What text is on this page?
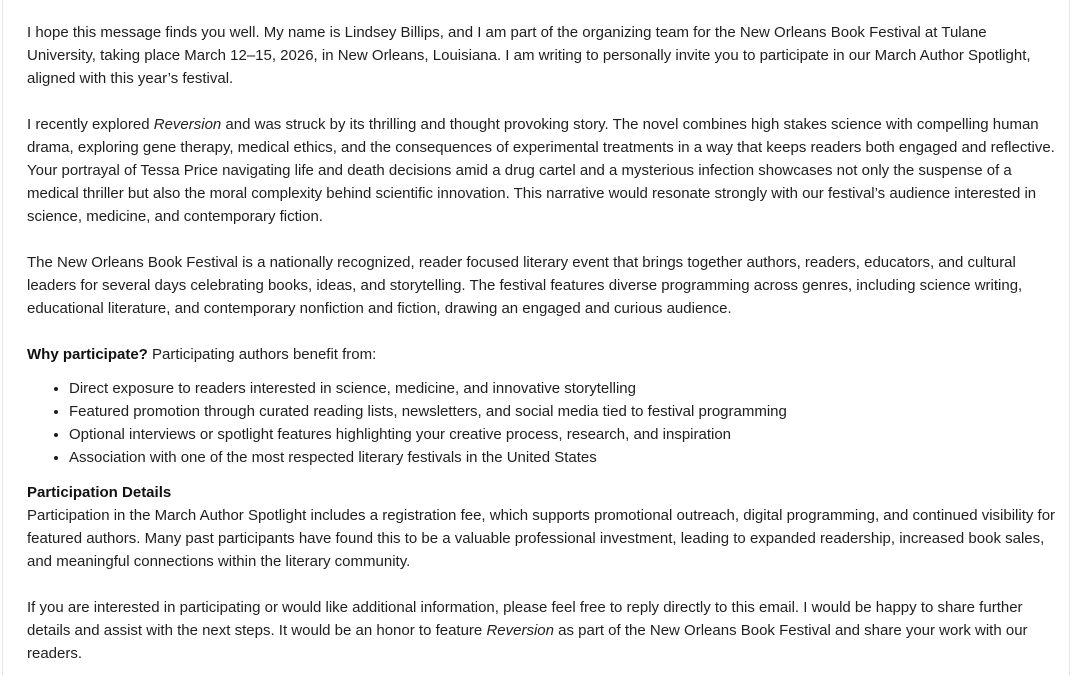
I hope this message finds you well. My name is Lindsey Billips, and I am part of the organizing team for the New Orleans Book Festival at Tulane University, taking place March 12–15, 2026, in New Orleans, Louisiana. I am writing to personally invite you to participate in our March Author Spotlight, aligned with this year’s festival.

I recently explored Reversion and was struck by its thrilling and thought provoking story. The novel combines high stakes science with compelling human drama, exploring gene therapy, medical ethics, and the consequences of experimental treatments in a way that keeps readers both engaged and reflective. Your portrayal of Tessa Price navigating life and death decisions amid a drug cartel and a mysterious infection showcases not only the suspense of a medical thriller but also the moral complexity behind scientific innovation. This narrative would resonate strongly with our festival’s audience interested in science, medicine, and contemporary fiction.

The New Orleans Book Festival is a nationally recognized, reader focused literary event that brings together authors, readers, educators, and cultural leaders for several days celebrating books, ideas, and storytelling. The festival features diverse programming across genres, including science writing, educational literature, and contemporary nonfiction and fiction, drawing an engaged and curious audience.

Why participate? Participating authors benefit from:

• Direct exposure to readers interested in science, medicine, and innovative storytelling
• Featured promotion through curated reading lists, newsletters, and social media tied to festival programming
• Optional interviews or spotlight features highlighting your creative process, research, and inspiration
• Association with one of the most respected literary festivals in the United States
Participation Details

Participation in the March Author Spotlight includes a registration fee, which supports promotional outreach, digital programming, and continued visibility for featured authors. Many past participants have found this to be a valuable professional investment, leading to expanded readership, increased book sales, and meaningful connections within the literary community.

If you are interested in participating or would like additional information, please feel free to reply directly to this email. I would be happy to share further details and assist with the next steps. It would be an honor to feature Reversion as part of the New Orleans Book Festival and share your work with our readers.
